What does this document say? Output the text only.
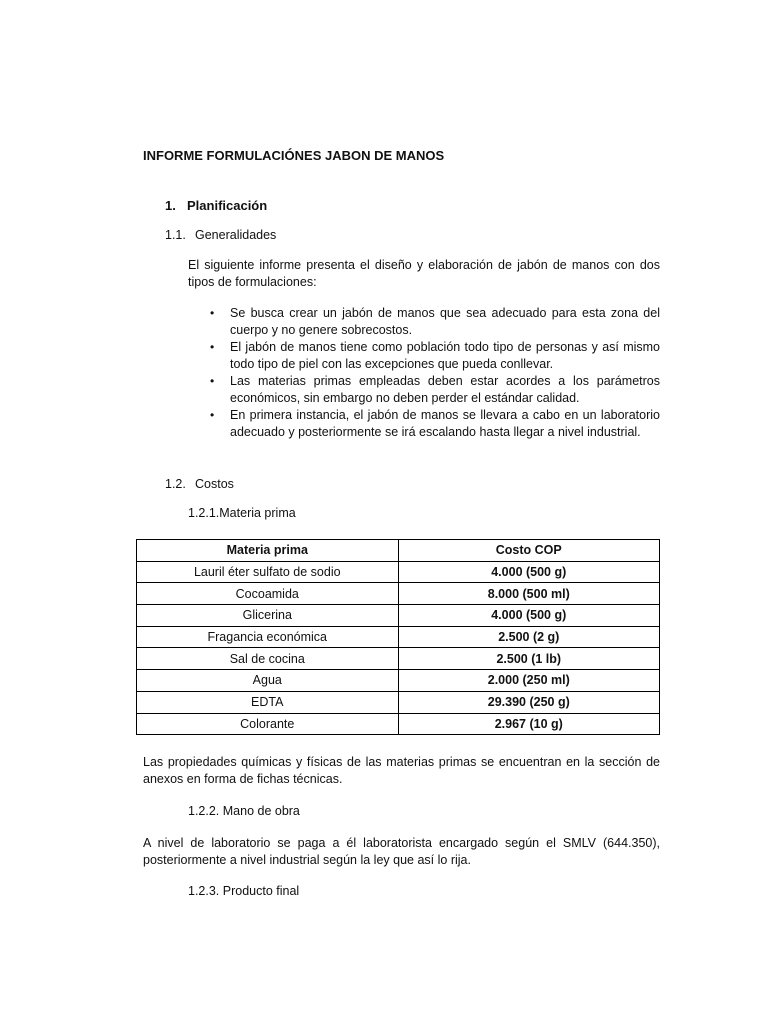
INFORME FORMULACIÓNES JABON DE MANOS
1. Planificación
1.1. Generalidades
El siguiente informe presenta el diseño y elaboración de jabón de manos con dos tipos de formulaciones:
• Se busca crear un jabón de manos que sea adecuado para esta zona del cuerpo y no genere sobrecostos.
• El jabón de manos tiene como población todo tipo de personas y así mismo todo tipo de piel con las excepciones que pueda conllevar.
• Las materias primas empleadas deben estar acordes a los parámetros económicos, sin embargo no deben perder el estándar calidad.
• En primera instancia, el jabón de manos se llevara a cabo en un laboratorio adecuado y posteriormente se irá escalando hasta llegar a nivel industrial.
1.2. Costos
1.2.1.Materia prima
Materia prima	Costo COP
Lauril éter sulfato de sodio	4.000 (500 g)
Cocoamida	8.000 (500 ml)
Glicerina	4.000 (500 g)
Fragancia económica	2.500 (2 g)
Sal de cocina	2.500 (1 lb)
Agua	2.000 (250 ml)
EDTA	29.390 (250 g)
Colorante	2.967 (10 g)
Las propiedades químicas y físicas de las materias primas se encuentran en la sección de anexos en forma de fichas técnicas.
1.2.2. Mano de obra
A nivel de laboratorio se paga a él laboratorista encargado según el SMLV (644.350), posteriormente a nivel industrial según la ley que así lo rija.
1.2.3. Producto final
